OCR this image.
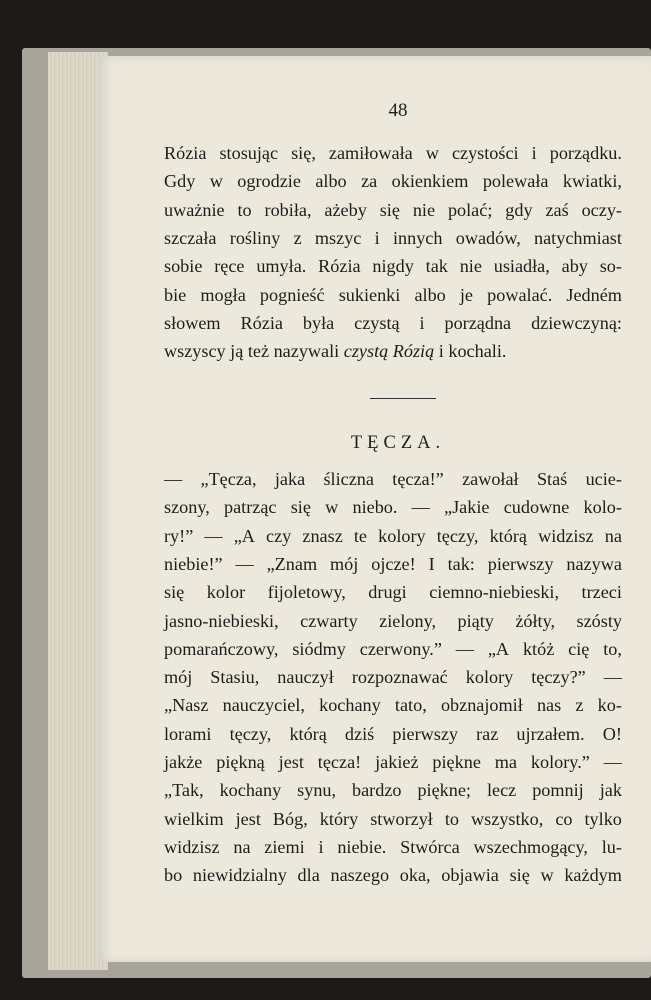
48
Rózia stosując się, zamiłowała w czystości i porządku.
Gdy w ogrodzie albo za okienkiem polewała kwiatki,
uważnie to robiła, ażeby się nie polać; gdy zaś oczy-
szczała rośliny z mszyc i innych owadów, natychmiast
sobie ręce umyła. Rózia nigdy tak nie usiadła, aby so-
bie mogła pognieść sukienki albo je powalać. Jedném
słowem Rózia była czystą i porządna dziewczyną:
wszyscy ją też nazywali czystą Rózią i kochali.
TĘCZA.
— „Tęcza, jaka śliczna tęcza!” zawołał Staś ucie-
szony, patrząc się w niebo. — „Jakie cudowne kolo-
ry!” — „A czy znasz te kolory tęczy, którą widzisz na
niebie!” — „Znam mój ojcze! I tak: pierwszy nazywa
się kolor fijoletowy, drugi ciemno-niebieski, trzeci
jasno-niebieski, czwarty zielony, piąty żółty, szósty
pomarańczowy, siódmy czerwony.” — „A któż cię to,
mój Stasiu, nauczył rozpoznawać kolory tęczy?” —
„Nasz nauczyciel, kochany tato, obznajomił nas z ko-
lorami tęczy, którą dziś pierwszy raz ujrzałem. O!
jakże piękną jest tęcza! jakież piękne ma kolory.” —
„Tak, kochany synu, bardzo piękne; lecz pomnij jak
wielkim jest Bóg, który stworzył to wszystko, co tylko
widzisz na ziemi i niebie. Stwórca wszechmogący, lu-
bo niewidzialny dla naszego oka, objawia się w każdym
